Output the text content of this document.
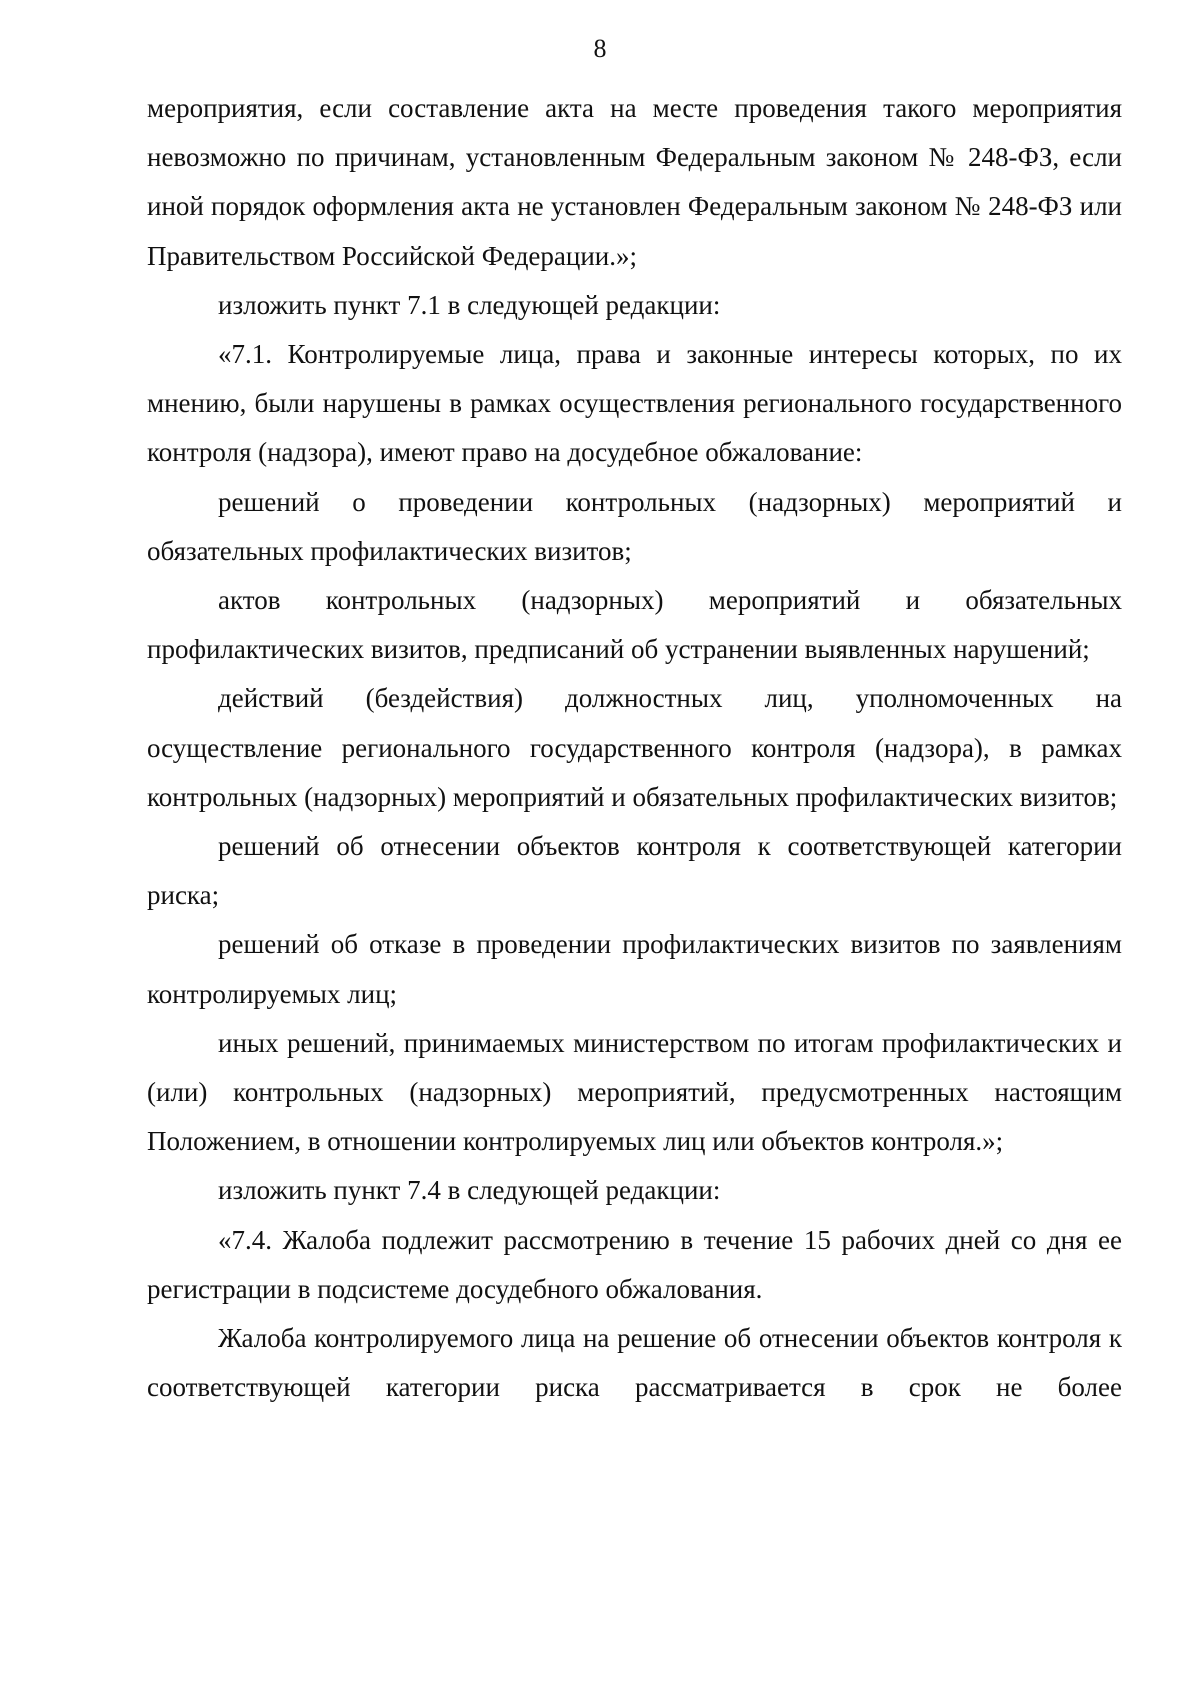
8

мероприятия, если составление акта на месте проведения такого мероприятия невозможно по причинам, установленным Федеральным законом № 248-ФЗ, если иной порядок оформления акта не установлен Федеральным законом № 248-ФЗ или Правительством Российской Федерации.»;

изложить пункт 7.1 в следующей редакции:

«7.1. Контролируемые лица, права и законные интересы которых, по их мнению, были нарушены в рамках осуществления регионального государственного контроля (надзора), имеют право на досудебное обжалование:

решений о проведении контрольных (надзорных) мероприятий и обязательных профилактических визитов;

актов контрольных (надзорных) мероприятий и обязательных профилактических визитов, предписаний об устранении выявленных нарушений;

действий (бездействия) должностных лиц, уполномоченных на осуществление регионального государственного контроля (надзора), в рамках контрольных (надзорных) мероприятий и обязательных профилактических визитов;

решений об отнесении объектов контроля к соответствующей категории риска;

решений об отказе в проведении профилактических визитов по заявлениям контролируемых лиц;

иных решений, принимаемых министерством по итогам профилактических и (или) контрольных (надзорных) мероприятий, предусмотренных настоящим Положением, в отношении контролируемых лиц или объектов контроля.»;

изложить пункт 7.4 в следующей редакции:

«7.4. Жалоба подлежит рассмотрению в течение 15 рабочих дней со дня ее регистрации в подсистеме досудебного обжалования.

Жалоба контролируемого лица на решение об отнесении объектов контроля к соответствующей категории риска рассматривается в срок не более
